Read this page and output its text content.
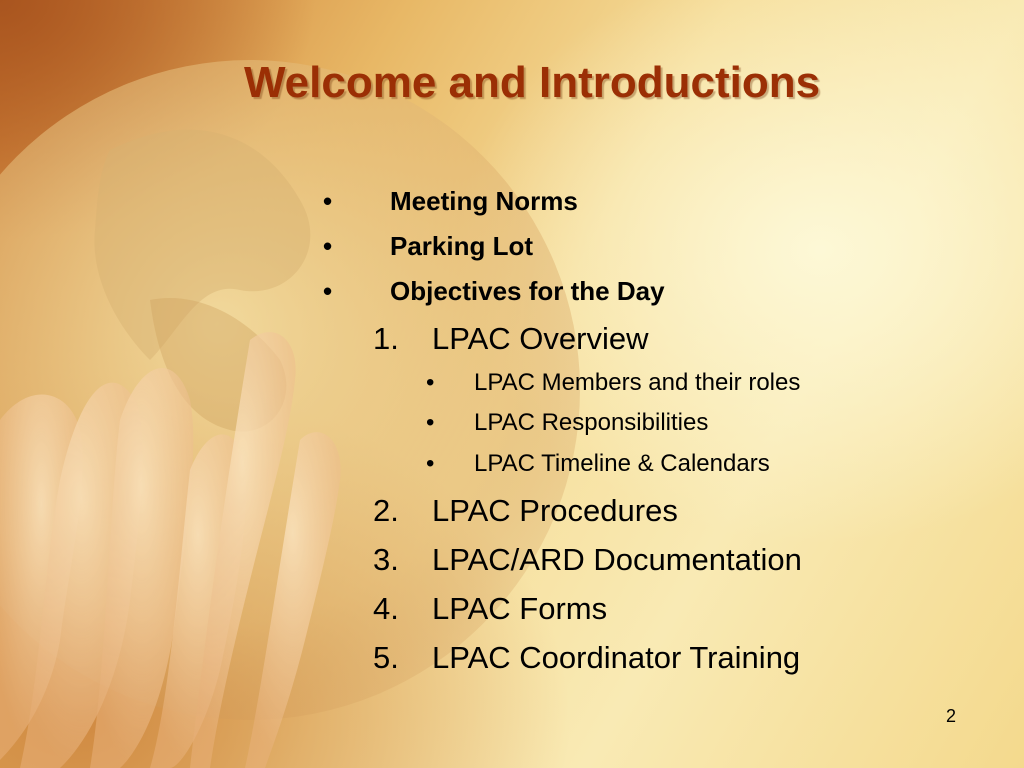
Welcome and Introductions
• Meeting Norms
• Parking Lot
• Objectives for the Day
1. LPAC Overview
• LPAC Members and their roles
• LPAC Responsibilities
• LPAC Timeline & Calendars
2. LPAC Procedures
3. LPAC/ARD Documentation
4. LPAC Forms
5. LPAC Coordinator Training
2
